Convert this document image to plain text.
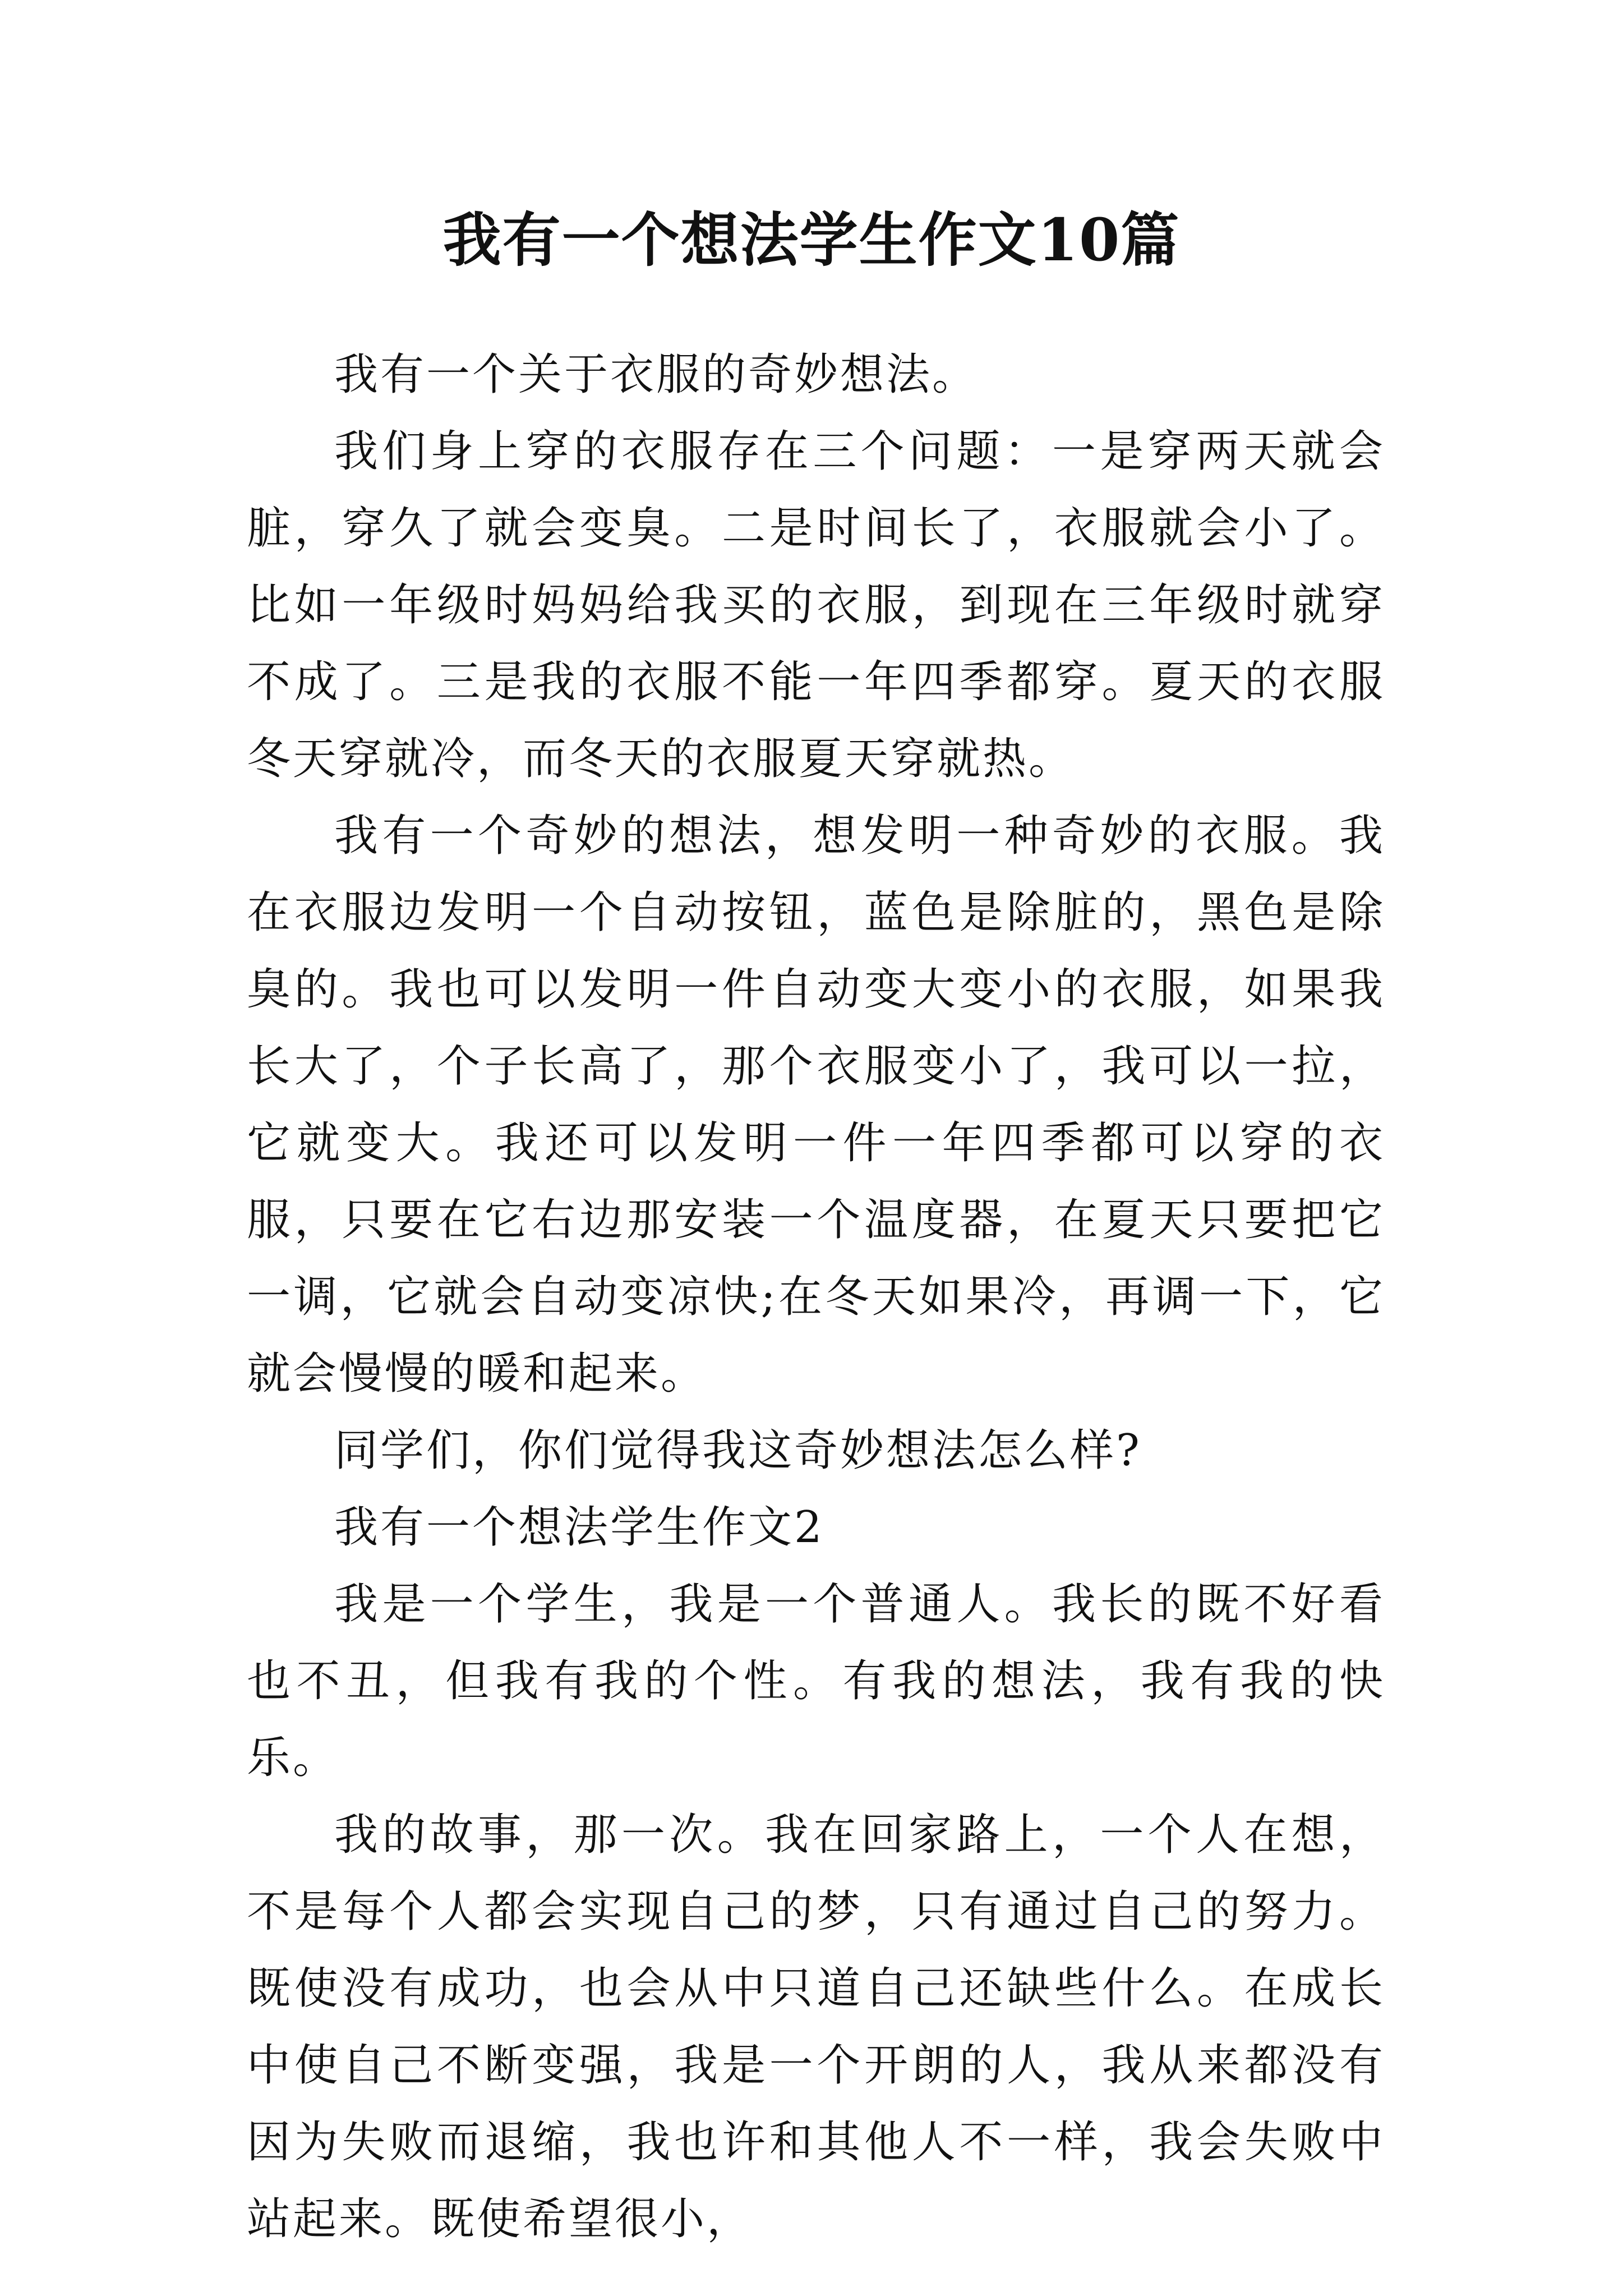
我有一个想法学生作文10篇

我有一个关于衣服的奇妙想法。

我们身上穿的衣服存在三个问题：一是穿两天就会脏，穿久了就会变臭。二是时间长了，衣服就会小了。比如一年级时妈妈给我买的衣服，到现在三年级时就穿不成了。三是我的衣服不能一年四季都穿。夏天的衣服冬天穿就冷，而冬天的衣服夏天穿就热。

我有一个奇妙的想法，想发明一种奇妙的衣服。我在衣服边发明一个自动按钮，蓝色是除脏的，黑色是除臭的。我也可以发明一件自动变大变小的衣服，如果我长大了，个子长高了，那个衣服变小了，我可以一拉，它就变大。我还可以发明一件一年四季都可以穿的衣服，只要在它右边那安装一个温度器，在夏天只要把它一调，它就会自动变凉快;在冬天如果冷，再调一下，它就会慢慢的暖和起来。

同学们，你们觉得我这奇妙想法怎么样?

我有一个想法学生作文2

我是一个学生，我是一个普通人。我长的既不好看也不丑，但我有我的个性。有我的想法，我有我的快乐。

我的故事，那一次。我在回家路上，一个人在想，不是每个人都会实现自己的梦，只有通过自己的努力。既使没有成功，也会从中只道自己还缺些什么。在成长中使自己不断变强，我是一个开朗的人，我从来都没有因为失败而退缩，我也许和其他人不一样，我会失败中站起来。既使希望很小，
